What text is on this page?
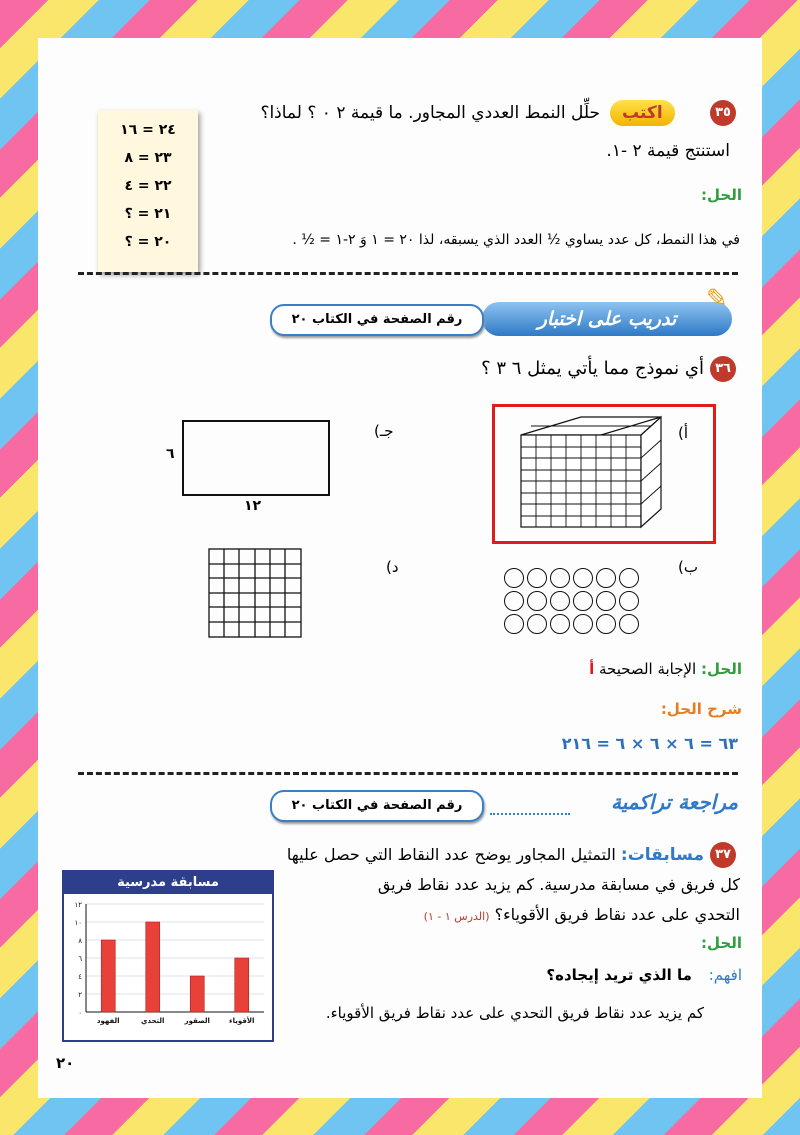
٢٤ = ١٦
٢٣ = ٨
٢٢ = ٤
٢١ = ؟
٢٠ = ؟
٣٥
اكتب
حلِّل النمط العددي المجاور. ما قيمة ٢ ٠ ؟ لماذا؟
استنتج قيمة ٢ -١.
الحل:
في هذا النمط، كل عدد يساوي ½ العدد الذي يسبقه، لذا ٢٠ = ١ وَ ٢-١ = ½ .
تدريب على اختبار
✎
رقم الصفحة في الكتاب ٢٠
٣٦
أي نموذج مما يأتي يمثل ٦ ٣ ؟
أ)
٦
١٢
جـ)
ب)
د)
الحل: الإجابة الصحيحة أ
شرح الحل:
٦٣ = ٦ × ٦ × ٦ = ٢١٦
مراجعة تراكمية
رقم الصفحة في الكتاب ٢٠
٣٧
مسابقات: التمثيل المجاور يوضح عدد النقاط التي حصل عليها
كل فريق في مسابقة مدرسية. كم يزيد عدد نقاط فريق
التحدي على عدد نقاط فريق الأقوياء؟ (الدرس ١ - ١)
الحل:
افهم: ما الذي تريد إيجاده؟
كم يزيد عدد نقاط فريق التحدي على عدد نقاط فريق الأقوياء.
مسابقة مدرسية
٠
٢
٤
٦
٨
١٠
١٢
الفهود	التحدي	الصقور	الأقوياء
٢٠
